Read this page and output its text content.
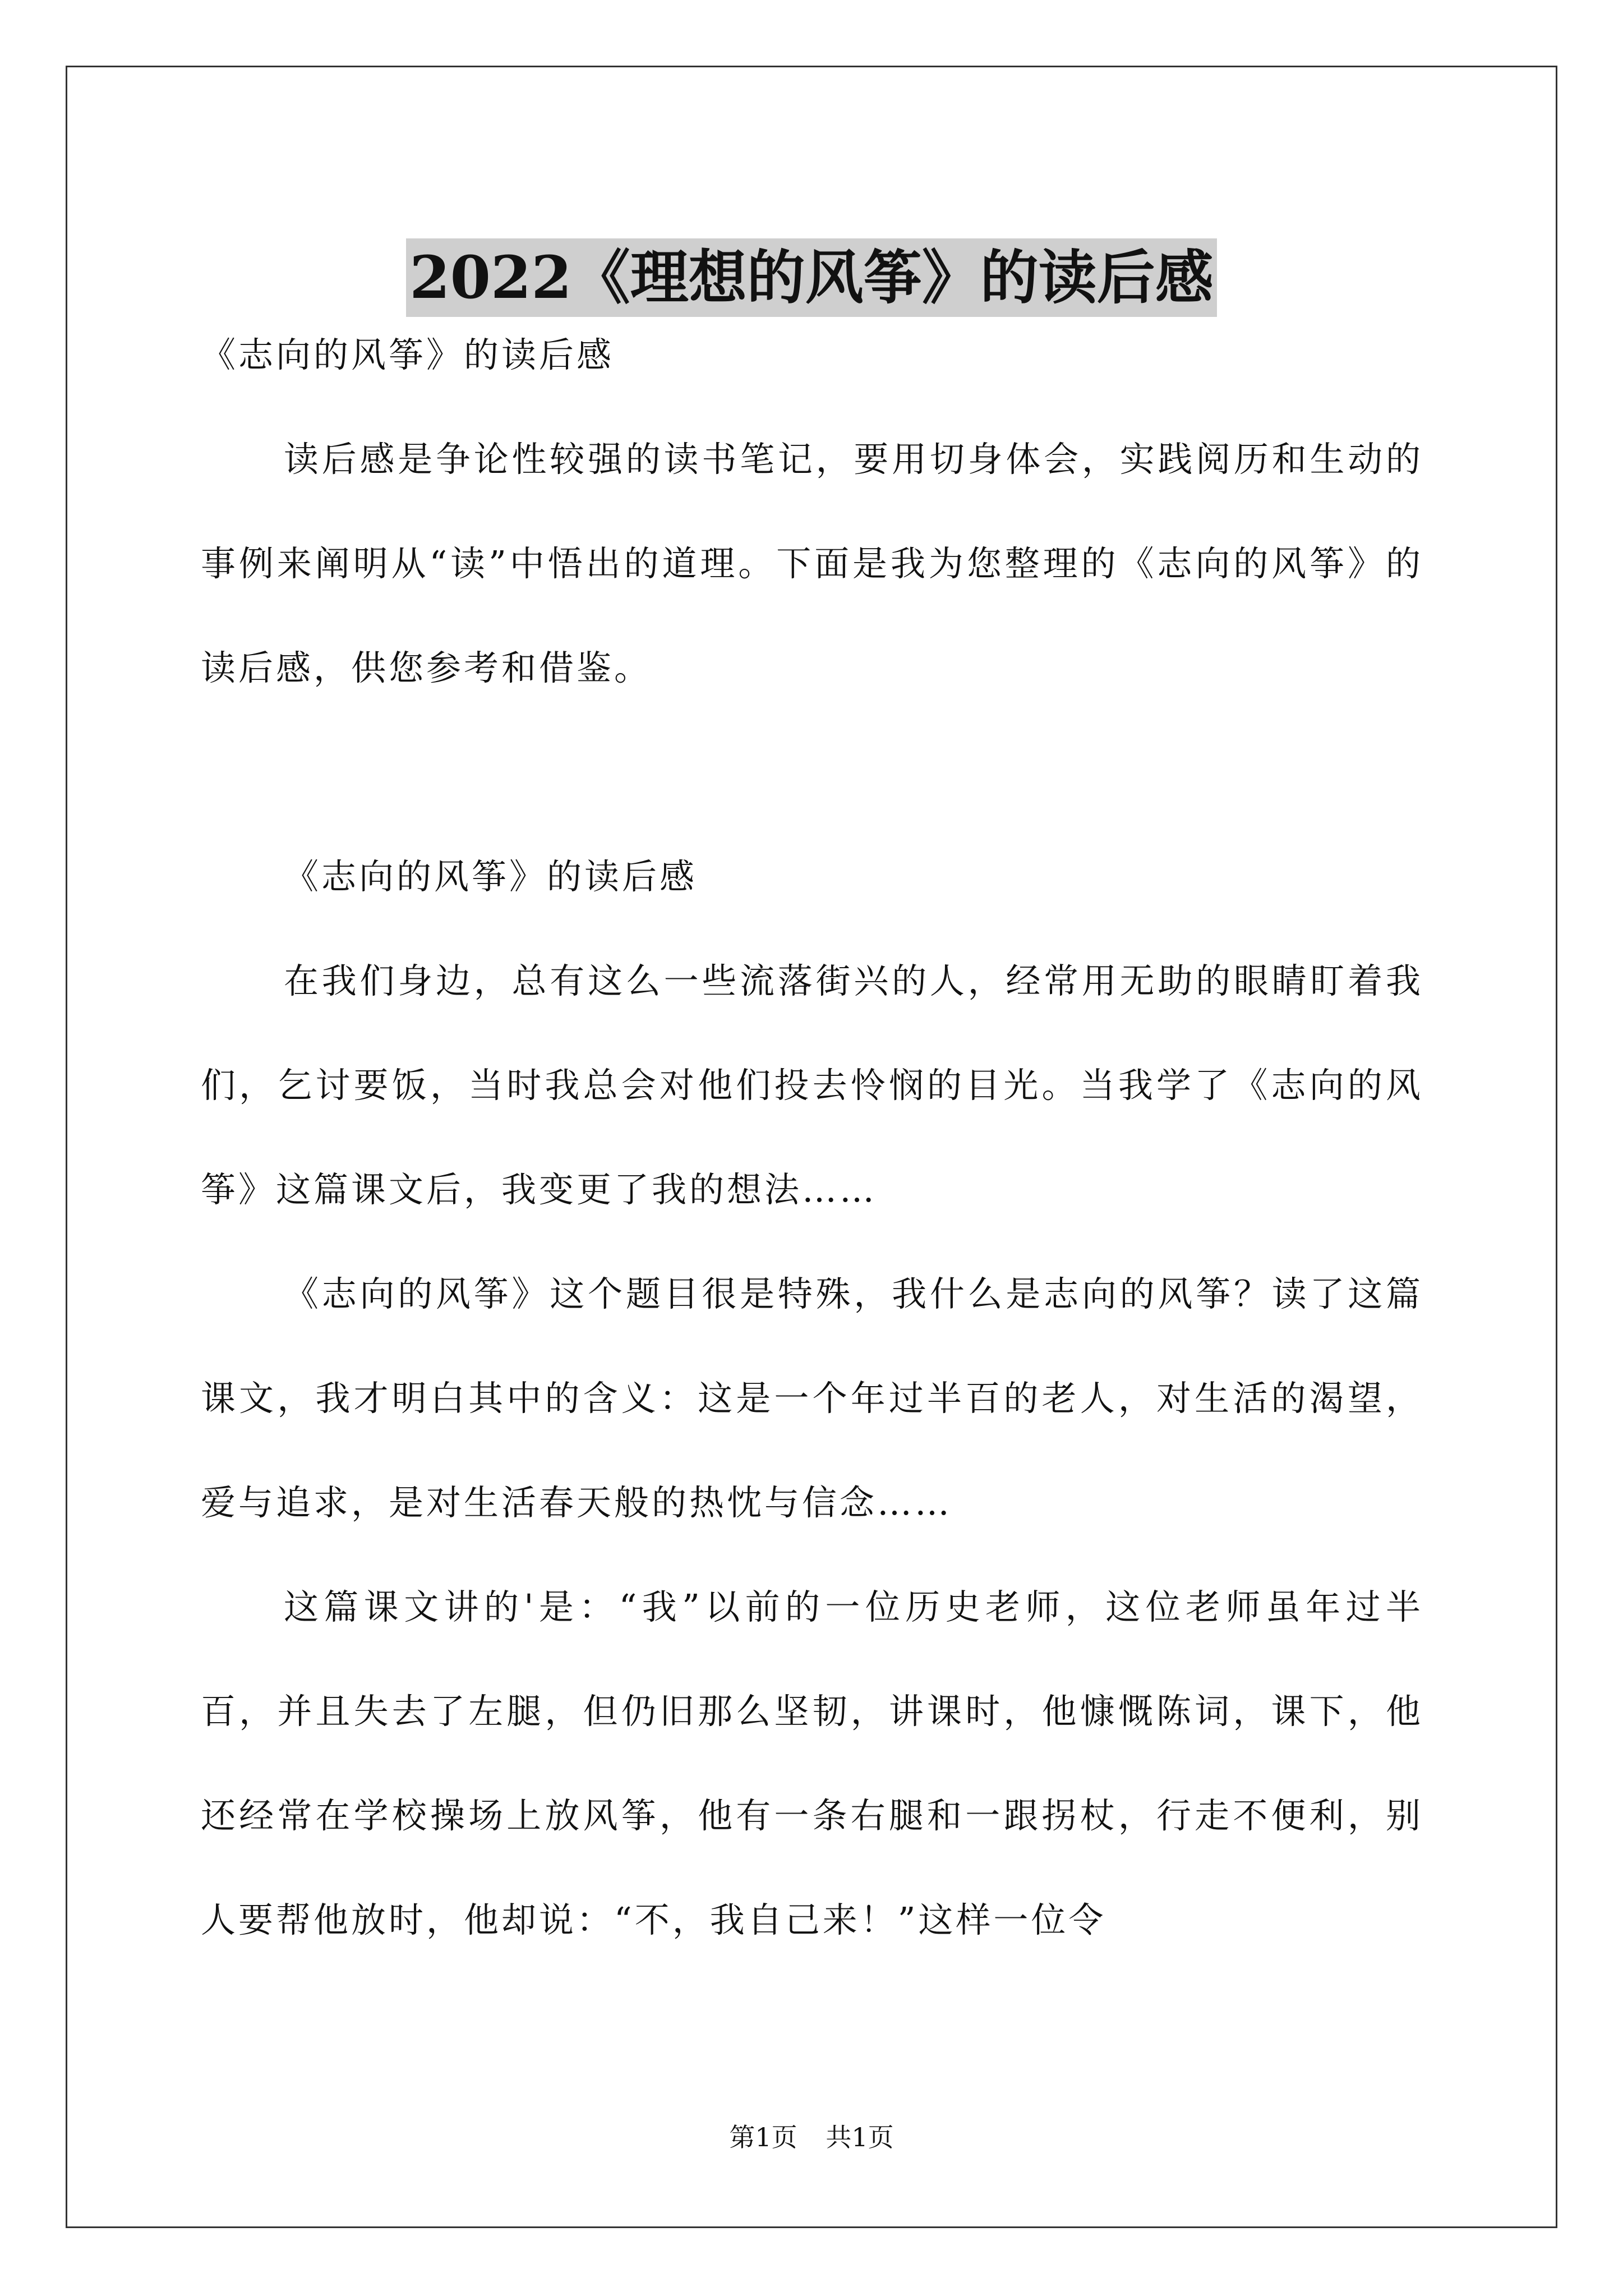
2022《理想的风筝》的读后感

《志向的风筝》的读后感

读后感是争论性较强的读书笔记，要用切身体会，实践阅历和生动的事例来阐明从“读”中悟出的道理。下面是我为您整理的《志向的风筝》的读后感，供您参考和借鉴。

《志向的风筝》的读后感

在我们身边，总有这么一些流落街兴的人，经常用无助的眼睛盯着我们，乞讨要饭，当时我总会对他们投去怜悯的目光。当我学了《志向的风筝》这篇课文后，我变更了我的想法……

《志向的风筝》这个题目很是特殊，我什么是志向的风筝？读了这篇课文，我才明白其中的含义：这是一个年过半百的老人，对生活的渴望，爱与追求，是对生活春天般的热忱与信念……

这篇课文讲的'是：“我”以前的一位历史老师，这位老师虽年过半百，并且失去了左腿，但仍旧那么坚韧，讲课时，他慷慨陈词，课下，他还经常在学校操场上放风筝，他有一条右腿和一跟拐杖，行走不便利，别人要帮他放时，他却说：“不，我自己来！”这样一位令

第1页 共1页
